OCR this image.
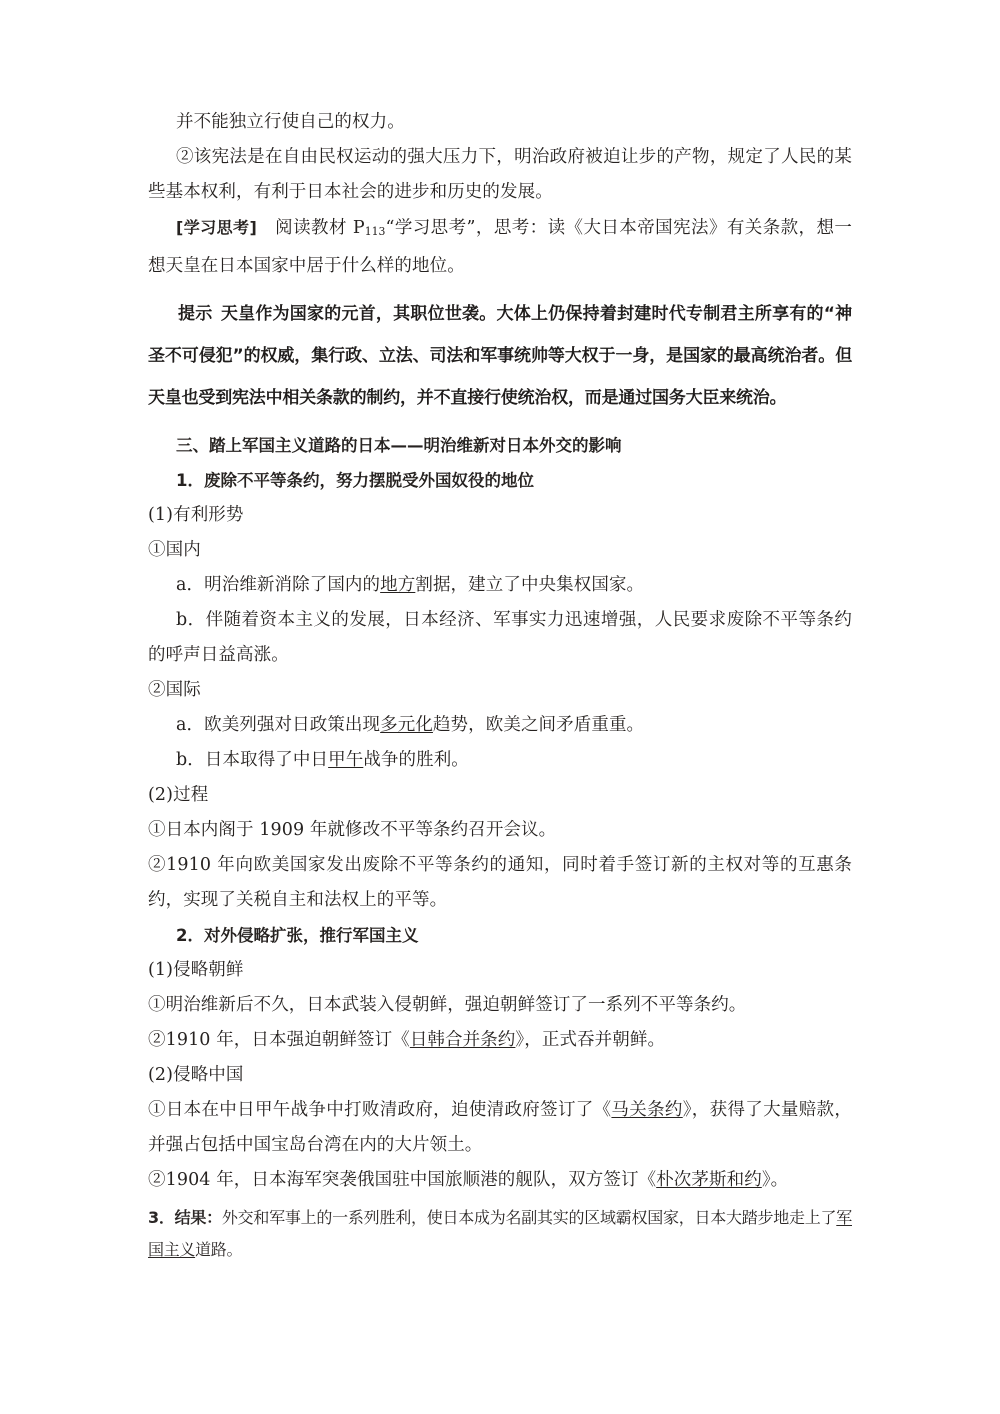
并不能独立行使自己的权力。

②该宪法是在自由民权运动的强大压力下，明治政府被迫让步的产物，规定了人民的某些基本权利，有利于日本社会的进步和历史的发展。

[学习思考] 阅读教材 $P_{113}“$学习思考”，思考：读《大日本帝国宪法》有关条款，想一想天皇在日本国家中居于什么样的地位。

提示 天皇作为国家的元首，其职位世袭。大体上仍保持着封建时代专制君主所享有的“神圣不可侵犯”的权威，集行政、立法、司法和军事统帅等大权于一身，是国家的最高统治者。但天皇也受到宪法中相关条款的制约，并不直接行使统治权，而是通过国务大臣来统治。

三、踏上军国主义道路的日本——明治维新对日本外交的影响

1．废除不平等条约，努力摆脱受外国奴役的地位

(1)有利形势

①国内

a．明治维新消除了国内的地方割据，建立了中央集权国家。

b．伴随着资本主义的发展，日本经济、军事实力迅速增强，人民要求废除不平等条约的呼声日益高涨。

②国际

a．欧美列强对日政策出现多元化趋势，欧美之间矛盾重重。

b．日本取得了中日甲午战争的胜利。

(2)过程

①日本内阁于 1909 年就修改不平等条约召开会议。

②1910 年向欧美国家发出废除不平等条约的通知，同时着手签订新的主权对等的互惠条约，实现了关税自主和法权上的平等。

2．对外侵略扩张，推行军国主义

(1)侵略朝鲜

①明治维新后不久，日本武装入侵朝鲜，强迫朝鲜签订了一系列不平等条约。

②1910 年，日本强迫朝鲜签订《日韩合并条约》，正式吞并朝鲜。

(2)侵略中国

①日本在中日甲午战争中打败清政府，迫使清政府签订了《马关条约》，获得了大量赔款，并强占包括中国宝岛台湾在内的大片领土。

②1904 年，日本海军突袭俄国驻中国旅顺港的舰队，双方签订《朴次茅斯和约》。

3．结果：外交和军事上的一系列胜利，使日本成为名副其实的区域霸权国家，日本大踏步地走上了军国主义道路。
